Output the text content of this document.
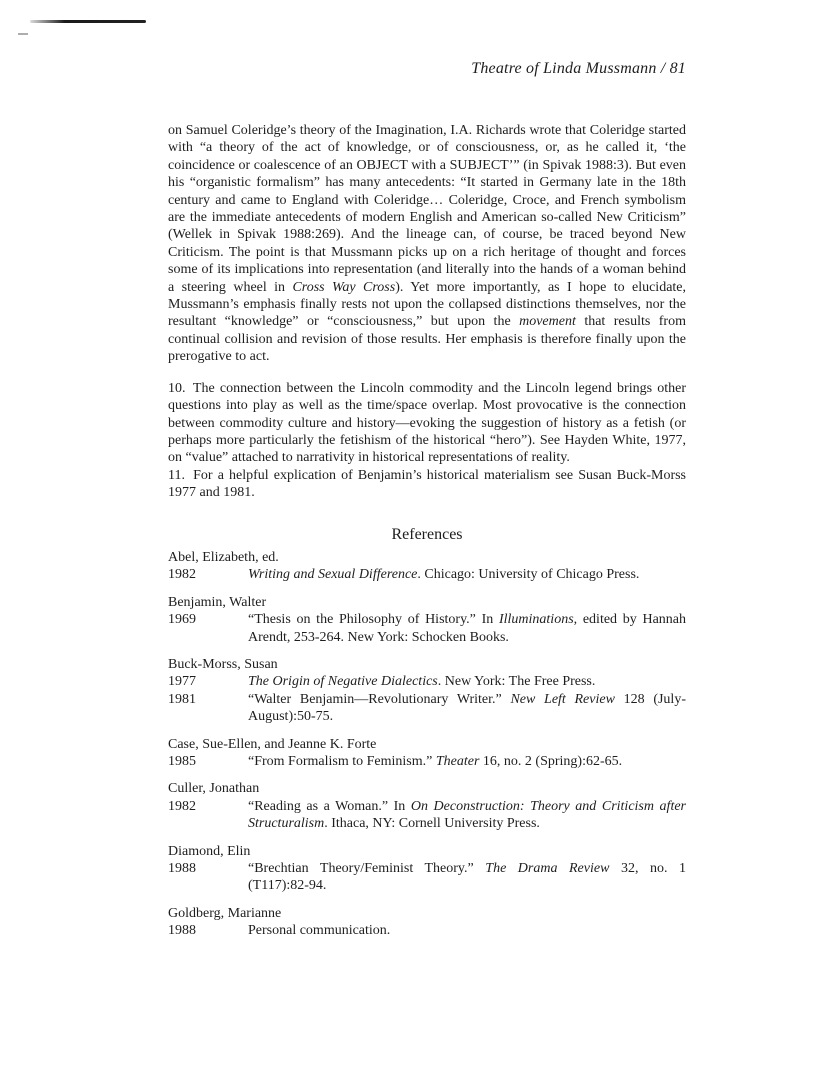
Theatre of Linda Mussmann / 81

on Samuel Coleridge’s theory of the Imagination, I.A. Richards wrote that Coleridge started with “a theory of the act of knowledge, or of consciousness, or, as he called it, ‘the coincidence or coalescence of an OBJECT with a SUBJECT’” (in Spivak 1988:3). But even his “organistic formalism” has many antecedents: “It started in Germany late in the 18th century and came to England with Coleridge… Coleridge, Croce, and French symbolism are the immediate antecedents of modern English and American so-called New Criticism” (Wellek in Spivak 1988:269). And the lineage can, of course, be traced beyond New Criticism. The point is that Mussmann picks up on a rich heritage of thought and forces some of its implications into representation (and literally into the hands of a woman behind a steering wheel in Cross Way Cross). Yet more importantly, as I hope to elucidate, Mussmann’s emphasis finally rests not upon the collapsed distinctions themselves, nor the resultant “knowledge” or “consciousness,” but upon the movement that results from continual collision and revision of those results. Her emphasis is therefore finally upon the prerogative to act.

10. The connection between the Lincoln commodity and the Lincoln legend brings other questions into play as well as the time/space overlap. Most provocative is the connection between commodity culture and history—evoking the suggestion of history as a fetish (or perhaps more particularly the fetishism of the historical “hero”). See Hayden White, 1977, on “value” attached to narrativity in historical representations of reality.

11. For a helpful explication of Benjamin’s historical materialism see Susan Buck-Morss 1977 and 1981.

References
Abel, Elizabeth, ed.
1982	Writing and Sexual Difference. Chicago: University of Chicago Press.
Benjamin, Walter
1969	“Thesis on the Philosophy of History.” In Illuminations, edited by Hannah Arendt, 253-264. New York: Schocken Books.
Buck-Morss, Susan
1977	The Origin of Negative Dialectics. New York: The Free Press.
1981	“Walter Benjamin—Revolutionary Writer.” New Left Review 128 (July-August):50-75.
Case, Sue-Ellen, and Jeanne K. Forte
1985	“From Formalism to Feminism.” Theater 16, no. 2 (Spring):62-65.
Culler, Jonathan
1982	“Reading as a Woman.” In On Deconstruction: Theory and Criticism after Structuralism. Ithaca, NY: Cornell University Press.
Diamond, Elin
1988	“Brechtian Theory/Feminist Theory.” The Drama Review 32, no. 1 (T117):82-94.
Goldberg, Marianne
1988	Personal communication.
